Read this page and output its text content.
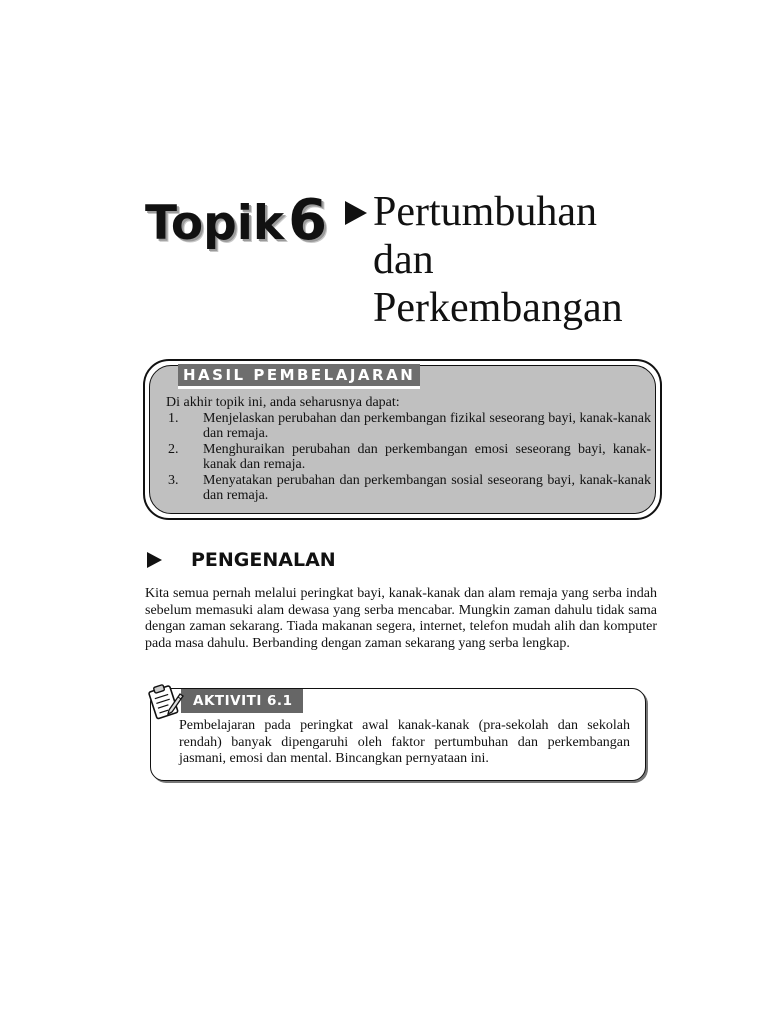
Topik6 Pertumbuhan
dan
Perkembangan
HASIL PEMBELAJARAN
Di akhir topik ini, anda seharusnya dapat:
1. Menjelaskan perubahan dan perkembangan fizikal seseorang bayi, kanak-kanak dan remaja.
2. Menghuraikan perubahan dan perkembangan emosi seseorang bayi, kanak-kanak dan remaja.
3. Menyatakan perubahan dan perkembangan sosial seseorang bayi, kanak-kanak dan remaja.
PENGENALAN
Kita semua pernah melalui peringkat bayi, kanak-kanak dan alam remaja yang serba indah sebelum memasuki alam dewasa yang serba mencabar. Mungkin zaman dahulu tidak sama dengan zaman sekarang. Tiada makanan segera, internet, telefon mudah alih dan komputer pada masa dahulu. Berbanding dengan zaman sekarang yang serba lengkap.
AKTIVITI 6.1
Pembelajaran pada peringkat awal kanak-kanak (pra-sekolah dan sekolah rendah) banyak dipengaruhi oleh faktor pertumbuhan dan perkembangan jasmani, emosi dan mental. Bincangkan pernyataan ini.
